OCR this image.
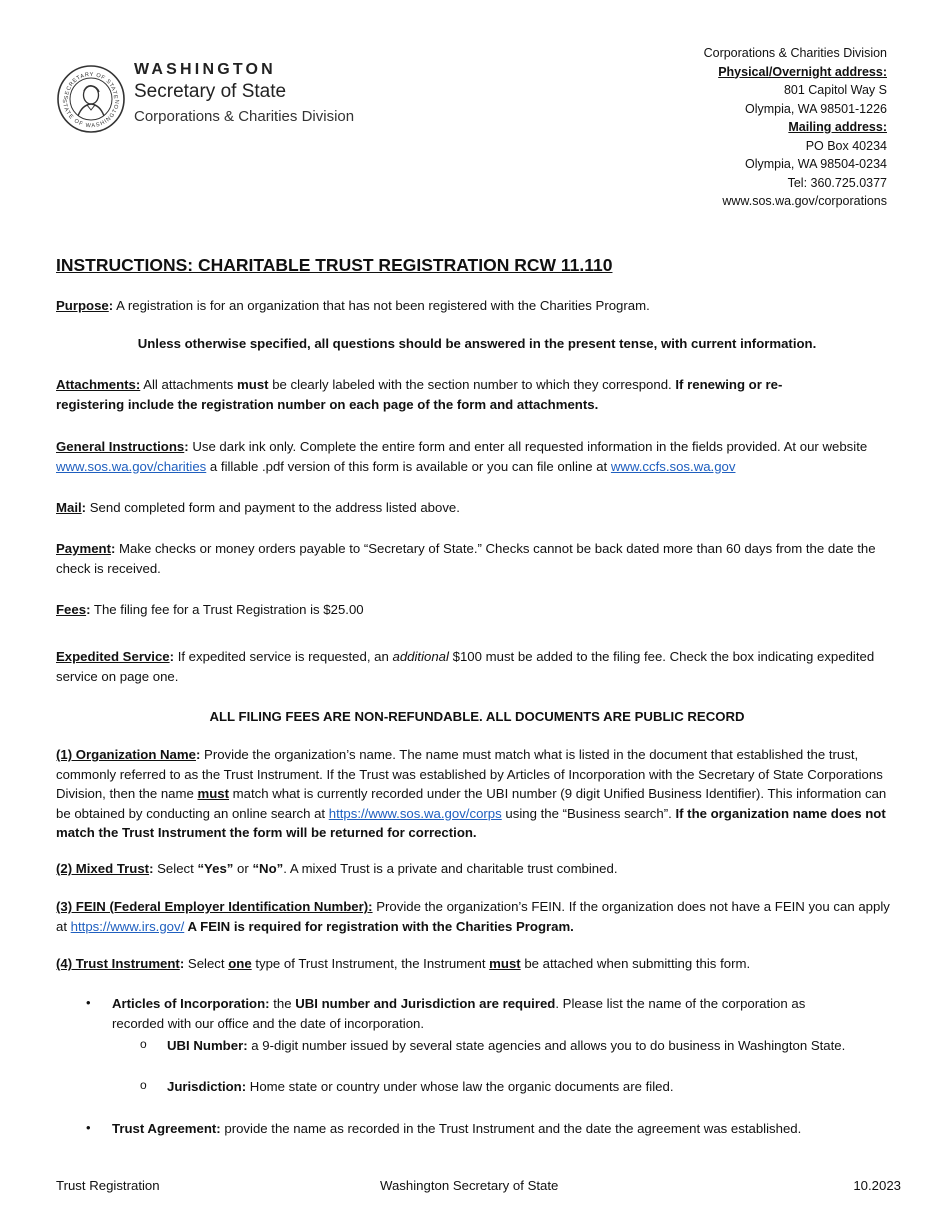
SECRETARY OF STATE
STATE OF WASHINGTON
WASHINGTON
Secretary of State
Corporations & Charities Division
Corporations & Charities Division
Physical/Overnight address:
801 Capitol Way S
Olympia, WA 98501-1226
Mailing address:
PO Box 40234
Olympia, WA 98504-0234
Tel: 360.725.0377
www.sos.wa.gov/corporations
INSTRUCTIONS: CHARITABLE TRUST REGISTRATION RCW 11.110
Purpose: A registration is for an organization that has not been registered with the Charities Program.
Unless otherwise specified, all questions should be answered in the present tense, with current information.
Attachments: All attachments must be clearly labeled with the section number to which they correspond. If renewing or re-registering include the registration number on each page of the form and attachments.
General Instructions: Use dark ink only. Complete the entire form and enter all requested information in the fields provided. At our website www.sos.wa.gov/charities a fillable .pdf version of this form is available or you can file online at www.ccfs.sos.wa.gov
Mail: Send completed form and payment to the address listed above.
Payment: Make checks or money orders payable to “Secretary of State.” Checks cannot be back dated more than 60 days from the date the check is received.
Fees: The filing fee for a Trust Registration is $25.00
Expedited Service: If expedited service is requested, an additional $100 must be added to the filing fee. Check the box indicating expedited service on page one.
ALL FILING FEES ARE NON-REFUNDABLE. ALL DOCUMENTS ARE PUBLIC RECORD
(1) Organization Name: Provide the organization’s name. The name must match what is listed in the document that established the trust, commonly referred to as the Trust Instrument. If the Trust was established by Articles of Incorporation with the Secretary of State Corporations Division, then the name must match what is currently recorded under the UBI number (9 digit Unified Business Identifier). This information can be obtained by conducting an online search at https://www.sos.wa.gov/corps using the “Business search”. If the organization name does not match the Trust Instrument the form will be returned for correction.
(2) Mixed Trust: Select “Yes” or “No”. A mixed Trust is a private and charitable trust combined.
(3) FEIN (Federal Employer Identification Number): Provide the organization’s FEIN. If the organization does not have a FEIN you can apply at https://www.irs.gov/ A FEIN is required for registration with the Charities Program.
(4) Trust Instrument: Select one type of Trust Instrument, the Instrument must be attached when submitting this form.
• Articles of Incorporation: the UBI number and Jurisdiction are required. Please list the name of the corporation as recorded with our office and the date of incorporation.
o UBI Number: a 9-digit number issued by several state agencies and allows you to do business in Washington State.
o Jurisdiction: Home state or country under whose law the organic documents are filed.
• Trust Agreement: provide the name as recorded in the Trust Instrument and the date the agreement was established.
Trust Registration	Washington Secretary of State	10.2023
